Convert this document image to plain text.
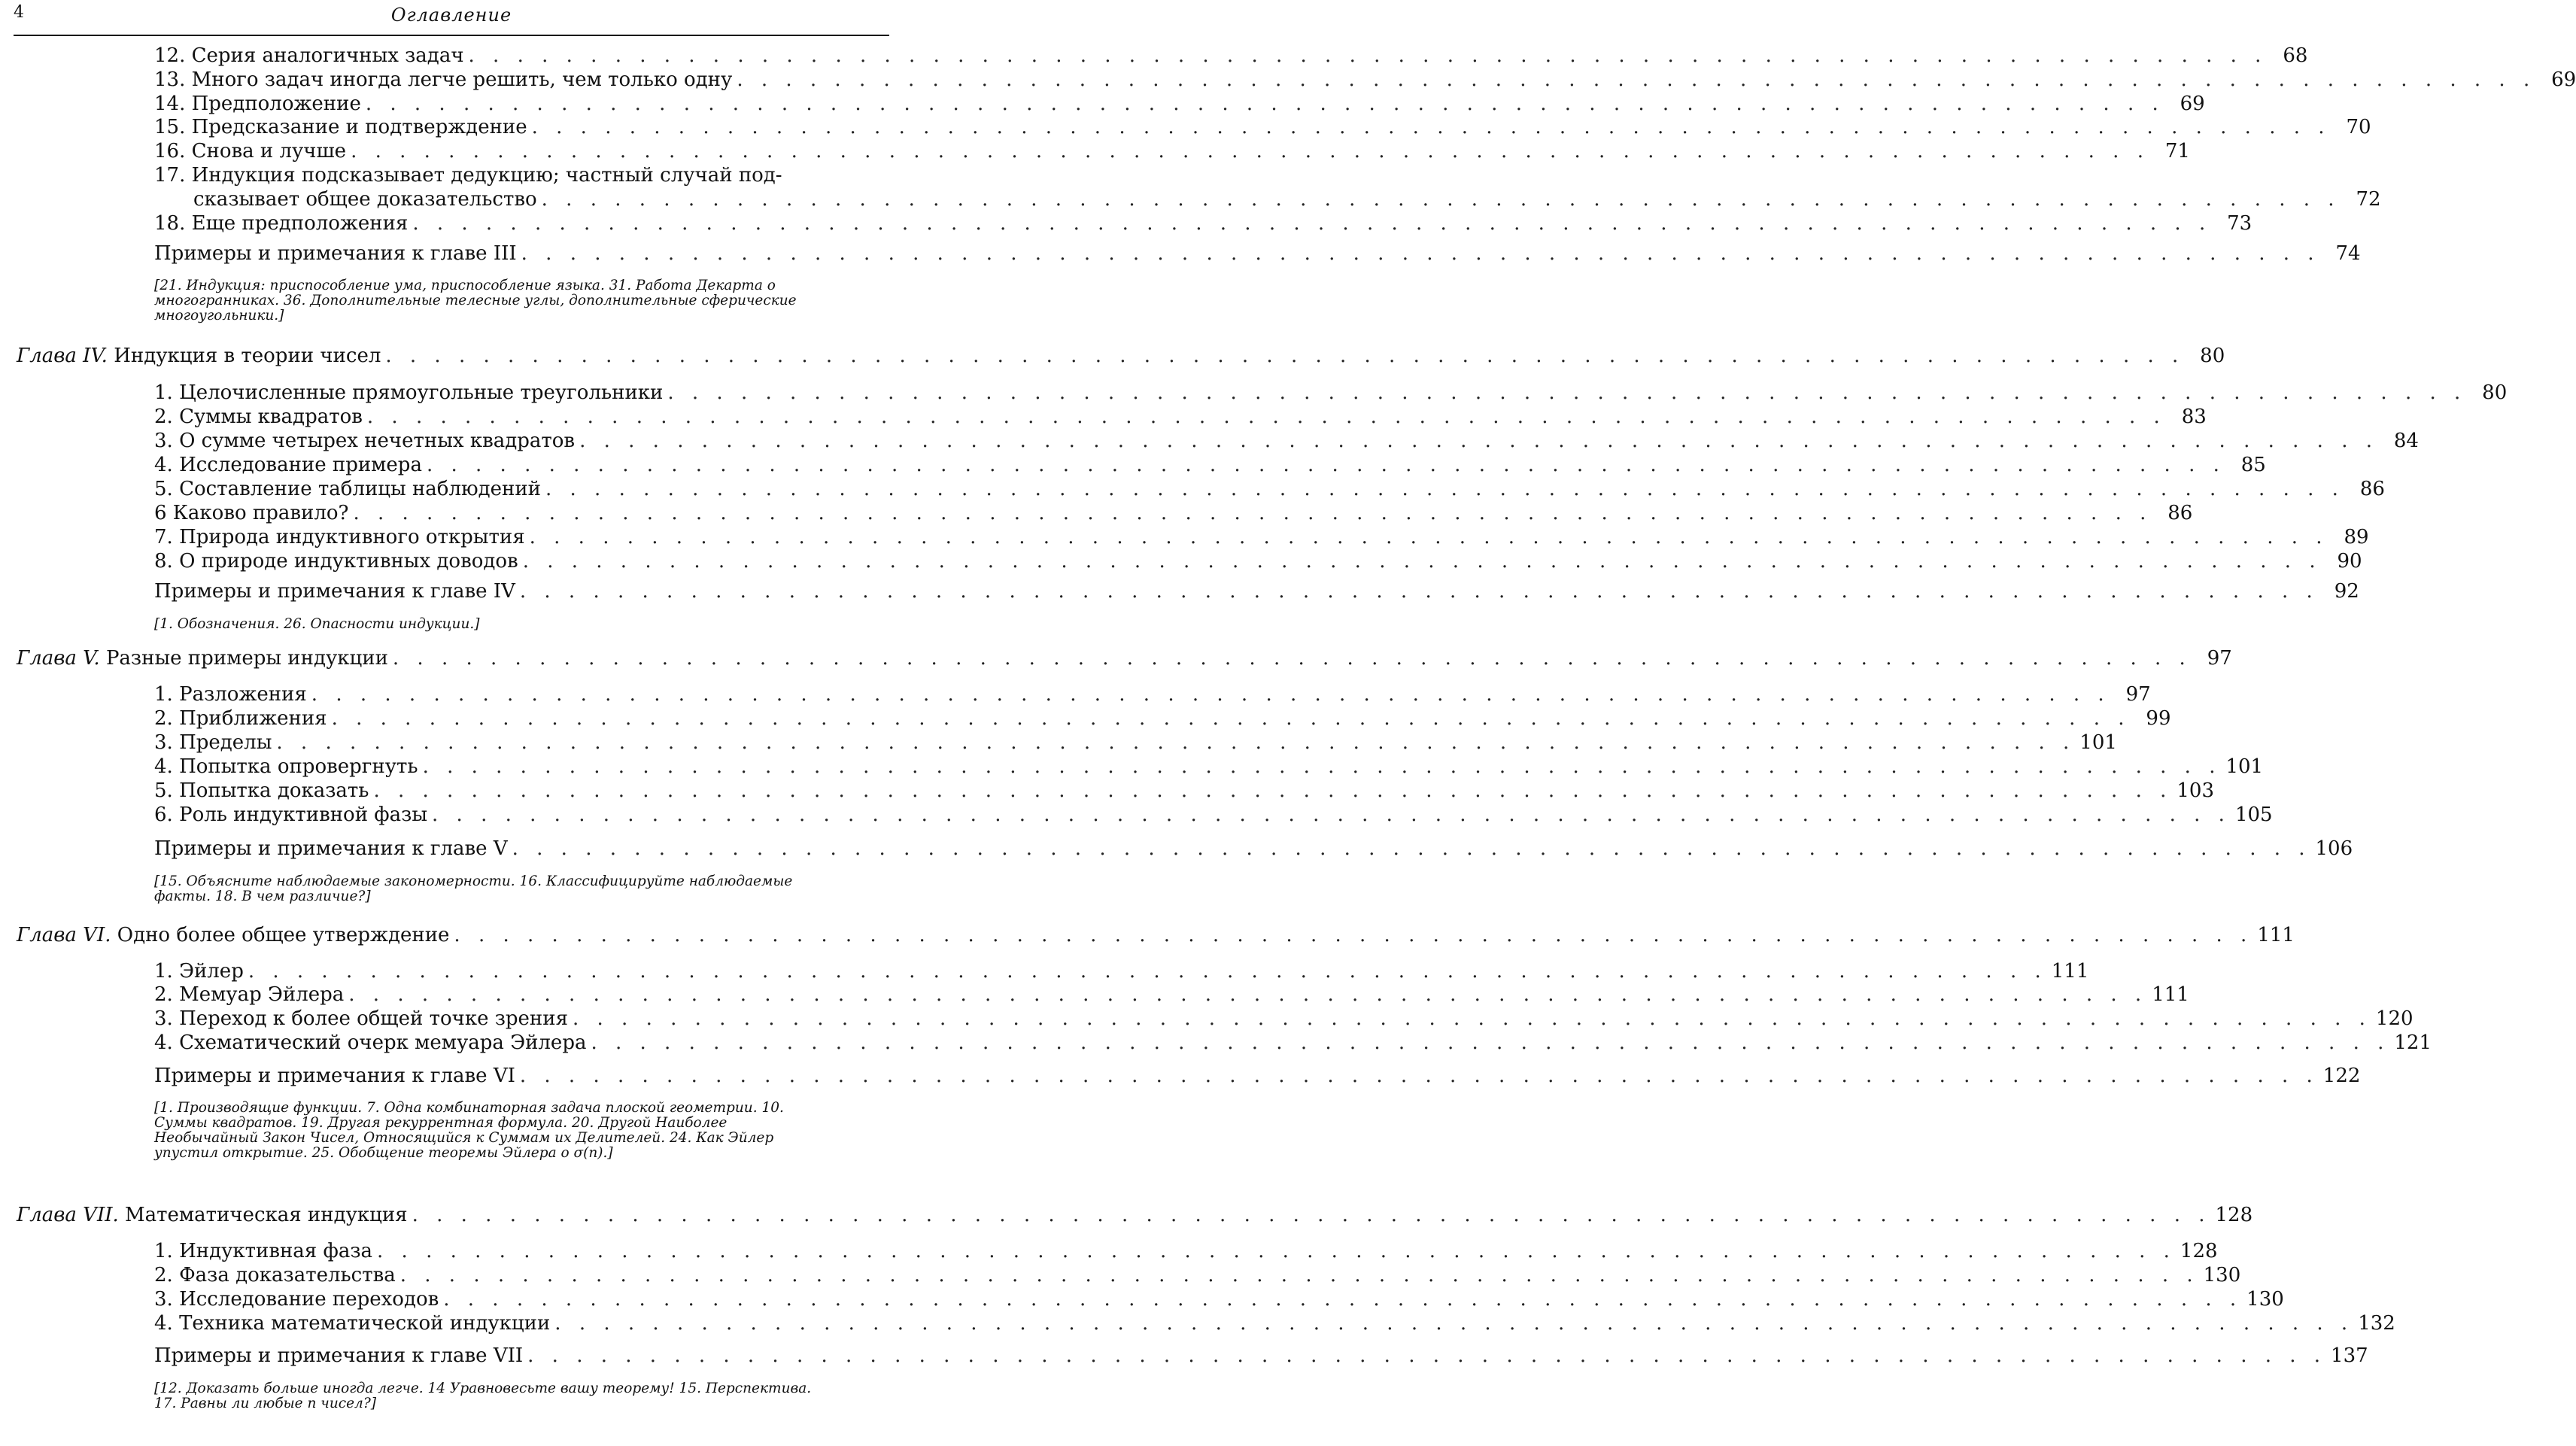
4	Оглавление
12. Серия аналогичных задач . . . . . . . . . . . . . . . . . . . . . . . . . . . . . . . . . . . . . . . . . . . . . . . . . . . . . . . . . . . . . . . . . . . . . . . . . . 68
13. Много задач иногда легче решить, чем только одну . . . . . . . . . . . . . . . . . . . . . . . . . . . . . . . . . . . . . . . . . . . . . . . . . . . . . . . . . . . . . . . . . . . . . . . . . . 69
14. Предположение . . . . . . . . . . . . . . . . . . . . . . . . . . . . . . . . . . . . . . . . . . . . . . . . . . . . . . . . . . . . . . . . . . . . . . . . . . 69
15. Предсказание и подтверждение . . . . . . . . . . . . . . . . . . . . . . . . . . . . . . . . . . . . . . . . . . . . . . . . . . . . . . . . . . . . . . . . . . . . . . . . . . 70
16. Снова и лучше . . . . . . . . . . . . . . . . . . . . . . . . . . . . . . . . . . . . . . . . . . . . . . . . . . . . . . . . . . . . . . . . . . . . . . . . . . 71
17. Индукция подсказывает дедукцию; частный случай под-
сказывает общее доказательство . . . . . . . . . . . . . . . . . . . . . . . . . . . . . . . . . . . . . . . . . . . . . . . . . . . . . . . . . . . . . . . . . . . . . . . . . . 72
18. Еще предположения . . . . . . . . . . . . . . . . . . . . . . . . . . . . . . . . . . . . . . . . . . . . . . . . . . . . . . . . . . . . . . . . . . . . . . . . . . 73
Примеры и примечания к главе III . . . . . . . . . . . . . . . . . . . . . . . . . . . . . . . . . . . . . . . . . . . . . . . . . . . . . . . . . . . . . . . . . . . . . . . . . . 74
[21. Индукция: приспособление ума, приспособление языка. 31. Работа Декарта о многогранниках. 36. Дополнительные телесные углы, дополнительные сферические многоугольники.]
Глава IV. Индукция в теории чисел . . . . . . . . . . . . . . . . . . . . . . . . . . . . . . . . . . . . . . . . . . . . . . . . . . . . . . . . . . . . . . . . . . . . . . . . . . 80
1. Целочисленные прямоугольные треугольники . . . . . . . . . . . . . . . . . . . . . . . . . . . . . . . . . . . . . . . . . . . . . . . . . . . . . . . . . . . . . . . . . . . . . . . . . . 80
2. Суммы квадратов . . . . . . . . . . . . . . . . . . . . . . . . . . . . . . . . . . . . . . . . . . . . . . . . . . . . . . . . . . . . . . . . . . . . . . . . . . 83
3. О сумме четырех нечетных квадратов . . . . . . . . . . . . . . . . . . . . . . . . . . . . . . . . . . . . . . . . . . . . . . . . . . . . . . . . . . . . . . . . . . . . . . . . . . 84
4. Исследование примера . . . . . . . . . . . . . . . . . . . . . . . . . . . . . . . . . . . . . . . . . . . . . . . . . . . . . . . . . . . . . . . . . . . . . . . . . . 85
5. Составление таблицы наблюдений . . . . . . . . . . . . . . . . . . . . . . . . . . . . . . . . . . . . . . . . . . . . . . . . . . . . . . . . . . . . . . . . . . . . . . . . . . 86
6 Каково правило? . . . . . . . . . . . . . . . . . . . . . . . . . . . . . . . . . . . . . . . . . . . . . . . . . . . . . . . . . . . . . . . . . . . . . . . . . . 86
7. Природа индуктивного открытия . . . . . . . . . . . . . . . . . . . . . . . . . . . . . . . . . . . . . . . . . . . . . . . . . . . . . . . . . . . . . . . . . . . . . . . . . . 89
8. О природе индуктивных доводов . . . . . . . . . . . . . . . . . . . . . . . . . . . . . . . . . . . . . . . . . . . . . . . . . . . . . . . . . . . . . . . . . . . . . . . . . . 90
Примеры и примечания к главе IV . . . . . . . . . . . . . . . . . . . . . . . . . . . . . . . . . . . . . . . . . . . . . . . . . . . . . . . . . . . . . . . . . . . . . . . . . . 92
[1. Обозначения. 26. Опасности индукции.]
Глава V. Разные примеры индукции . . . . . . . . . . . . . . . . . . . . . . . . . . . . . . . . . . . . . . . . . . . . . . . . . . . . . . . . . . . . . . . . . . . . . . . . . . 97
1. Разложения . . . . . . . . . . . . . . . . . . . . . . . . . . . . . . . . . . . . . . . . . . . . . . . . . . . . . . . . . . . . . . . . . . . . . . . . . . 97
2. Приближения . . . . . . . . . . . . . . . . . . . . . . . . . . . . . . . . . . . . . . . . . . . . . . . . . . . . . . . . . . . . . . . . . . . . . . . . . . 99
3. Пределы . . . . . . . . . . . . . . . . . . . . . . . . . . . . . . . . . . . . . . . . . . . . . . . . . . . . . . . . . . . . . . . . . . . . . . . . . . 101
4. Попытка опровергнуть . . . . . . . . . . . . . . . . . . . . . . . . . . . . . . . . . . . . . . . . . . . . . . . . . . . . . . . . . . . . . . . . . . . . . . . . . . 101
5. Попытка доказать . . . . . . . . . . . . . . . . . . . . . . . . . . . . . . . . . . . . . . . . . . . . . . . . . . . . . . . . . . . . . . . . . . . . . . . . . . 103
6. Роль индуктивной фазы . . . . . . . . . . . . . . . . . . . . . . . . . . . . . . . . . . . . . . . . . . . . . . . . . . . . . . . . . . . . . . . . . . . . . . . . . . 105
Примеры и примечания к главе V . . . . . . . . . . . . . . . . . . . . . . . . . . . . . . . . . . . . . . . . . . . . . . . . . . . . . . . . . . . . . . . . . . . . . . . . . . 106
[15. Объясните наблюдаемые закономерности. 16. Классифицируйте наблюдаемые факты. 18. В чем различие?]
Глава VI. Одно более общее утверждение . . . . . . . . . . . . . . . . . . . . . . . . . . . . . . . . . . . . . . . . . . . . . . . . . . . . . . . . . . . . . . . . . . . . . . . . . . 111
1. Эйлер . . . . . . . . . . . . . . . . . . . . . . . . . . . . . . . . . . . . . . . . . . . . . . . . . . . . . . . . . . . . . . . . . . . . . . . . . . 111
2. Мемуар Эйлера . . . . . . . . . . . . . . . . . . . . . . . . . . . . . . . . . . . . . . . . . . . . . . . . . . . . . . . . . . . . . . . . . . . . . . . . . . 111
3. Переход к более общей точке зрения . . . . . . . . . . . . . . . . . . . . . . . . . . . . . . . . . . . . . . . . . . . . . . . . . . . . . . . . . . . . . . . . . . . . . . . . . . 120
4. Схематический очерк мемуара Эйлера . . . . . . . . . . . . . . . . . . . . . . . . . . . . . . . . . . . . . . . . . . . . . . . . . . . . . . . . . . . . . . . . . . . . . . . . . . 121
Примеры и примечания к главе VI . . . . . . . . . . . . . . . . . . . . . . . . . . . . . . . . . . . . . . . . . . . . . . . . . . . . . . . . . . . . . . . . . . . . . . . . . . 122
[1. Производящие функции. 7. Одна комбинаторная задача плоской геометрии. 10. Суммы квадратов. 19. Другая рекуррентная формула. 20. Другой Наиболее Необычайный Закон Чисел, Относящийся к Суммам их Делителей. 24. Как Эйлер упустил открытие. 25. Обобщение теоремы Эйлера о σ(n).]
Глава VII. Математическая индукция . . . . . . . . . . . . . . . . . . . . . . . . . . . . . . . . . . . . . . . . . . . . . . . . . . . . . . . . . . . . . . . . . . . . . . . . . . 128
1. Индуктивная фаза . . . . . . . . . . . . . . . . . . . . . . . . . . . . . . . . . . . . . . . . . . . . . . . . . . . . . . . . . . . . . . . . . . . . . . . . . . 128
2. Фаза доказательства . . . . . . . . . . . . . . . . . . . . . . . . . . . . . . . . . . . . . . . . . . . . . . . . . . . . . . . . . . . . . . . . . . . . . . . . . . 130
3. Исследование переходов . . . . . . . . . . . . . . . . . . . . . . . . . . . . . . . . . . . . . . . . . . . . . . . . . . . . . . . . . . . . . . . . . . . . . . . . . . 130
4. Техника математической индукции . . . . . . . . . . . . . . . . . . . . . . . . . . . . . . . . . . . . . . . . . . . . . . . . . . . . . . . . . . . . . . . . . . . . . . . . . . 132
Примеры и примечания к главе VII . . . . . . . . . . . . . . . . . . . . . . . . . . . . . . . . . . . . . . . . . . . . . . . . . . . . . . . . . . . . . . . . . . . . . . . . . . 137
[12. Доказать больше иногда легче. 14 Уравновесьте вашу теорему! 15. Перспектива. 17. Равны ли любые n чисел?]
